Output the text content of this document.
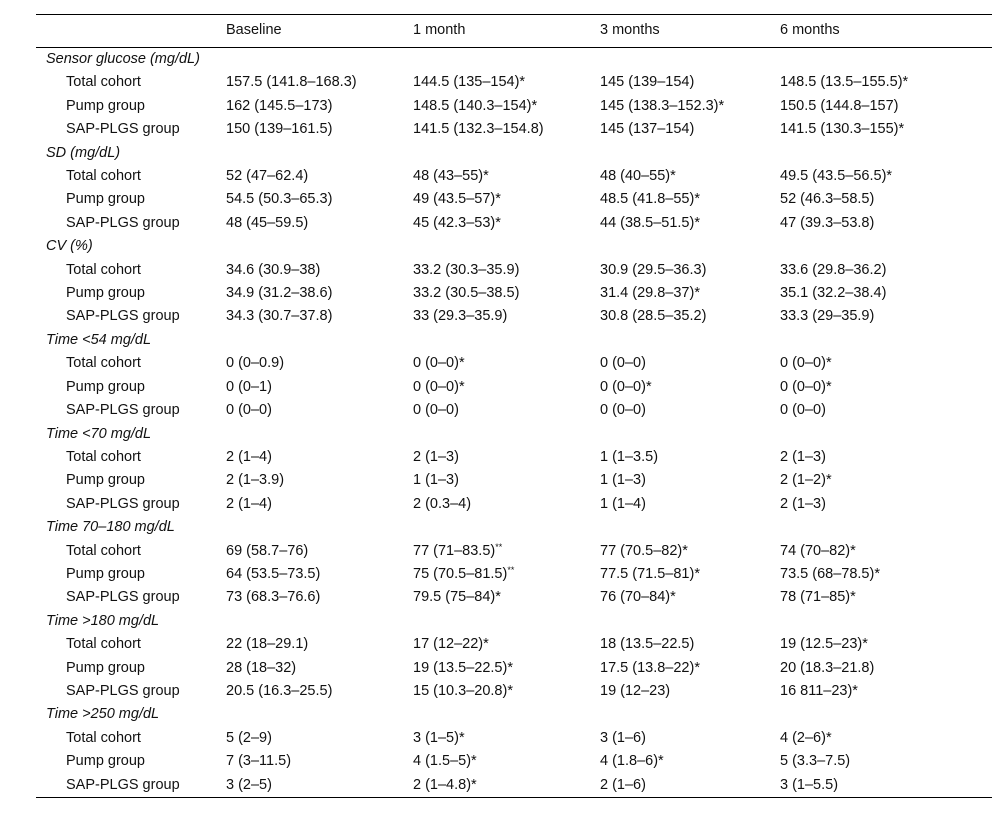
	Baseline	1 month	3 months	6 months
Sensor glucose (mg/dL)				
Total cohort	157.5 (141.8–168.3)	144.5 (135–154)*	145 (139–154)	148.5 (13.5–155.5)*
Pump group	162 (145.5–173)	148.5 (140.3–154)*	145 (138.3–152.3)*	150.5 (144.8–157)
SAP-PLGS group	150 (139–161.5)	141.5 (132.3–154.8)	145 (137–154)	141.5 (130.3–155)*
SD (mg/dL)				
Total cohort	52 (47–62.4)	48 (43–55)*	48 (40–55)*	49.5 (43.5–56.5)*
Pump group	54.5 (50.3–65.3)	49 (43.5–57)*	48.5 (41.8–55)*	52 (46.3–58.5)
SAP-PLGS group	48 (45–59.5)	45 (42.3–53)*	44 (38.5–51.5)*	47 (39.3–53.8)
CV (%)				
Total cohort	34.6 (30.9–38)	33.2 (30.3–35.9)	30.9 (29.5–36.3)	33.6 (29.8–36.2)
Pump group	34.9 (31.2–38.6)	33.2 (30.5–38.5)	31.4 (29.8–37)*	35.1 (32.2–38.4)
SAP-PLGS group	34.3 (30.7–37.8)	33 (29.3–35.9)	30.8 (28.5–35.2)	33.3 (29–35.9)
Time <54 mg/dL				
Total cohort	0 (0–0.9)	0 (0–0)*	0 (0–0)	0 (0–0)*
Pump group	0 (0–1)	0 (0–0)*	0 (0–0)*	0 (0–0)*
SAP-PLGS group	0 (0–0)	0 (0–0)	0 (0–0)	0 (0–0)
Time <70 mg/dL				
Total cohort	2 (1–4)	2 (1–3)	1 (1–3.5)	2 (1–3)
Pump group	2 (1–3.9)	1 (1–3)	1 (1–3)	2 (1–2)*
SAP-PLGS group	2 (1–4)	2 (0.3–4)	1 (1–4)	2 (1–3)
Time 70–180 mg/dL				
Total cohort	69 (58.7–76)	77 (71–83.5)**	77 (70.5–82)*	74 (70–82)*
Pump group	64 (53.5–73.5)	75 (70.5–81.5)**	77.5 (71.5–81)*	73.5 (68–78.5)*
SAP-PLGS group	73 (68.3–76.6)	79.5 (75–84)*	76 (70–84)*	78 (71–85)*
Time >180 mg/dL				
Total cohort	22 (18–29.1)	17 (12–22)*	18 (13.5–22.5)	19 (12.5–23)*
Pump group	28 (18–32)	19 (13.5–22.5)*	17.5 (13.8–22)*	20 (18.3–21.8)
SAP-PLGS group	20.5 (16.3–25.5)	15 (10.3–20.8)*	19 (12–23)	16 811–23)*
Time >250 mg/dL				
Total cohort	5 (2–9)	3 (1–5)*	3 (1–6)	4 (2–6)*
Pump group	7 (3–11.5)	4 (1.5–5)*	4 (1.8–6)*	5 (3.3–7.5)
SAP-PLGS group	3 (2–5)	2 (1–4.8)*	2 (1–6)	3 (1–5.5)
